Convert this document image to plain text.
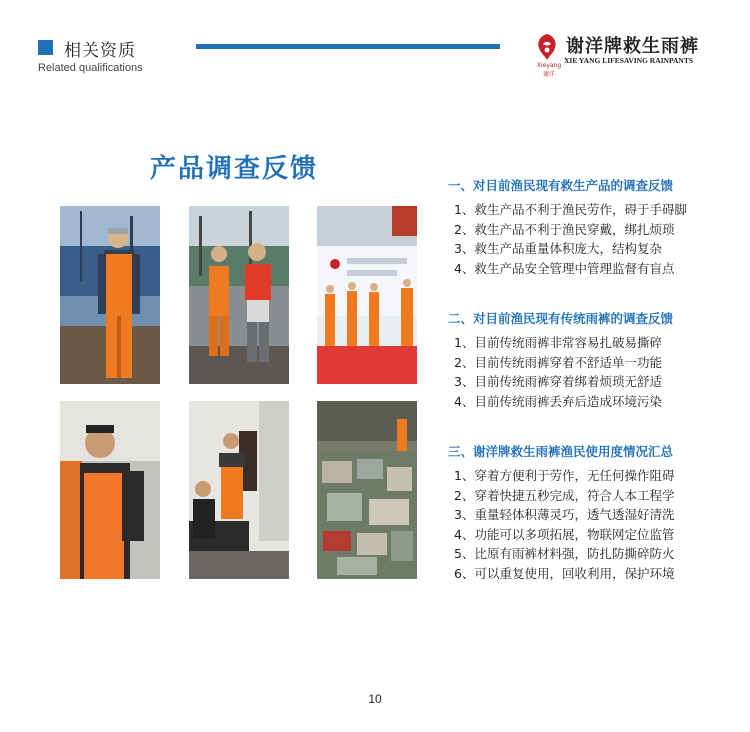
相关资质
Related qualifications	Xieyang 谢洋
谢洋牌救生雨裤
XIE YANG LIFESAVING RAINPANTS
产品调查反馈
一、对目前渔民现有救生产品的调查反馈
1、救生产品不利于渔民劳作，碍于手碍脚
2、救生产品不利于渔民穿戴，绑扎烦琐
3、救生产品重量体积庞大，结构复杂
4、救生产品安全管理中管理监督有盲点
二、对目前渔民现有传统雨裤的调查反馈
1、目前传统雨裤非常容易扎破易撕碎
2、目前传统雨裤穿着不舒适单一功能
3、目前传统雨裤穿着绑着烦琐无舒适
4、目前传统雨裤丢弃后造成环境污染
三、谢洋牌救生雨裤渔民使用度情况汇总
1、穿着方便利于劳作，无任何操作阻碍
2、穿着快捷五秒完成，符合人本工程学
3、重量轻体积薄灵巧，透气透湿好清洗
4、功能可以多项拓展，物联网定位监管
5、比原有雨裤材料强，防扎防撕碎防火
6、可以重复使用，回收利用，保护环境
10
